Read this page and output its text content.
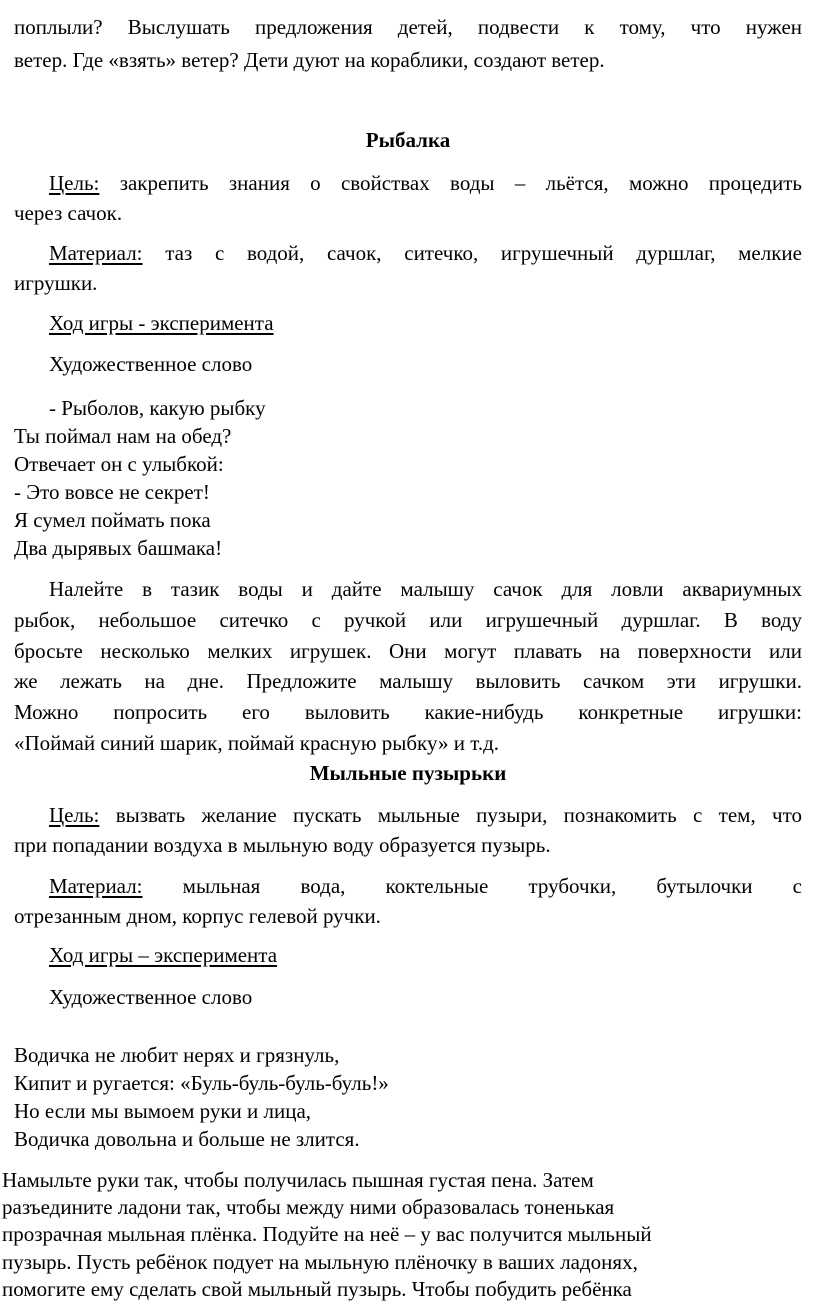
поплыли? Выслушать предложения детей, подвести к тому, что нужен
ветер. Где «взять» ветер? Дети дуют на кораблики, создают ветер.
Рыбалка
Цель: закрепить знания о свойствах воды – льётся, можно процедить
через сачок.
Материал: таз с водой, сачок, ситечко, игрушечный дуршлаг, мелкие
игрушки.
Ход игры - эксперимента
Художественное слово
- Рыболов, какую рыбку
Ты поймал нам на обед?
Отвечает он с улыбкой:
- Это вовсе не секрет!
Я сумел поймать пока
Два дырявых башмака!
Налейте в тазик воды и дайте малышу сачок для ловли аквариумных
рыбок, небольшое ситечко с ручкой или игрушечный дуршлаг. В воду
бросьте несколько мелких игрушек. Они могут плавать на поверхности или
же лежать на дне. Предложите малышу выловить сачком эти игрушки.
Можно попросить его выловить какие-нибудь конкретные игрушки:
«Поймай синий шарик, поймай красную рыбку» и т.д.
Мыльные пузырьки
Цель: вызвать желание пускать мыльные пузыри, познакомить с тем, что
при попадании воздуха в мыльную воду образуется пузырь.
Материал: мыльная вода, коктельные трубочки, бутылочки с
отрезанным дном, корпус гелевой ручки.
Ход игры – эксперимента
Художественное слово
Водичка не любит нерях и грязнуль,
Кипит и ругается: «Буль-буль-буль-буль!»
Но если мы вымоем руки и лица,
Водичка довольна и больше не злится.
Намыльте руки так, чтобы получилась пышная густая пена. Затем
разъедините ладони так, чтобы между ними образовалась тоненькая
прозрачная мыльная плёнка. Подуйте на неё – у вас получится мыльный
пузырь. Пусть ребёнок подует на мыльную плёночку в ваших ладонях,
помогите ему сделать свой мыльный пузырь. Чтобы побудить ребёнка
